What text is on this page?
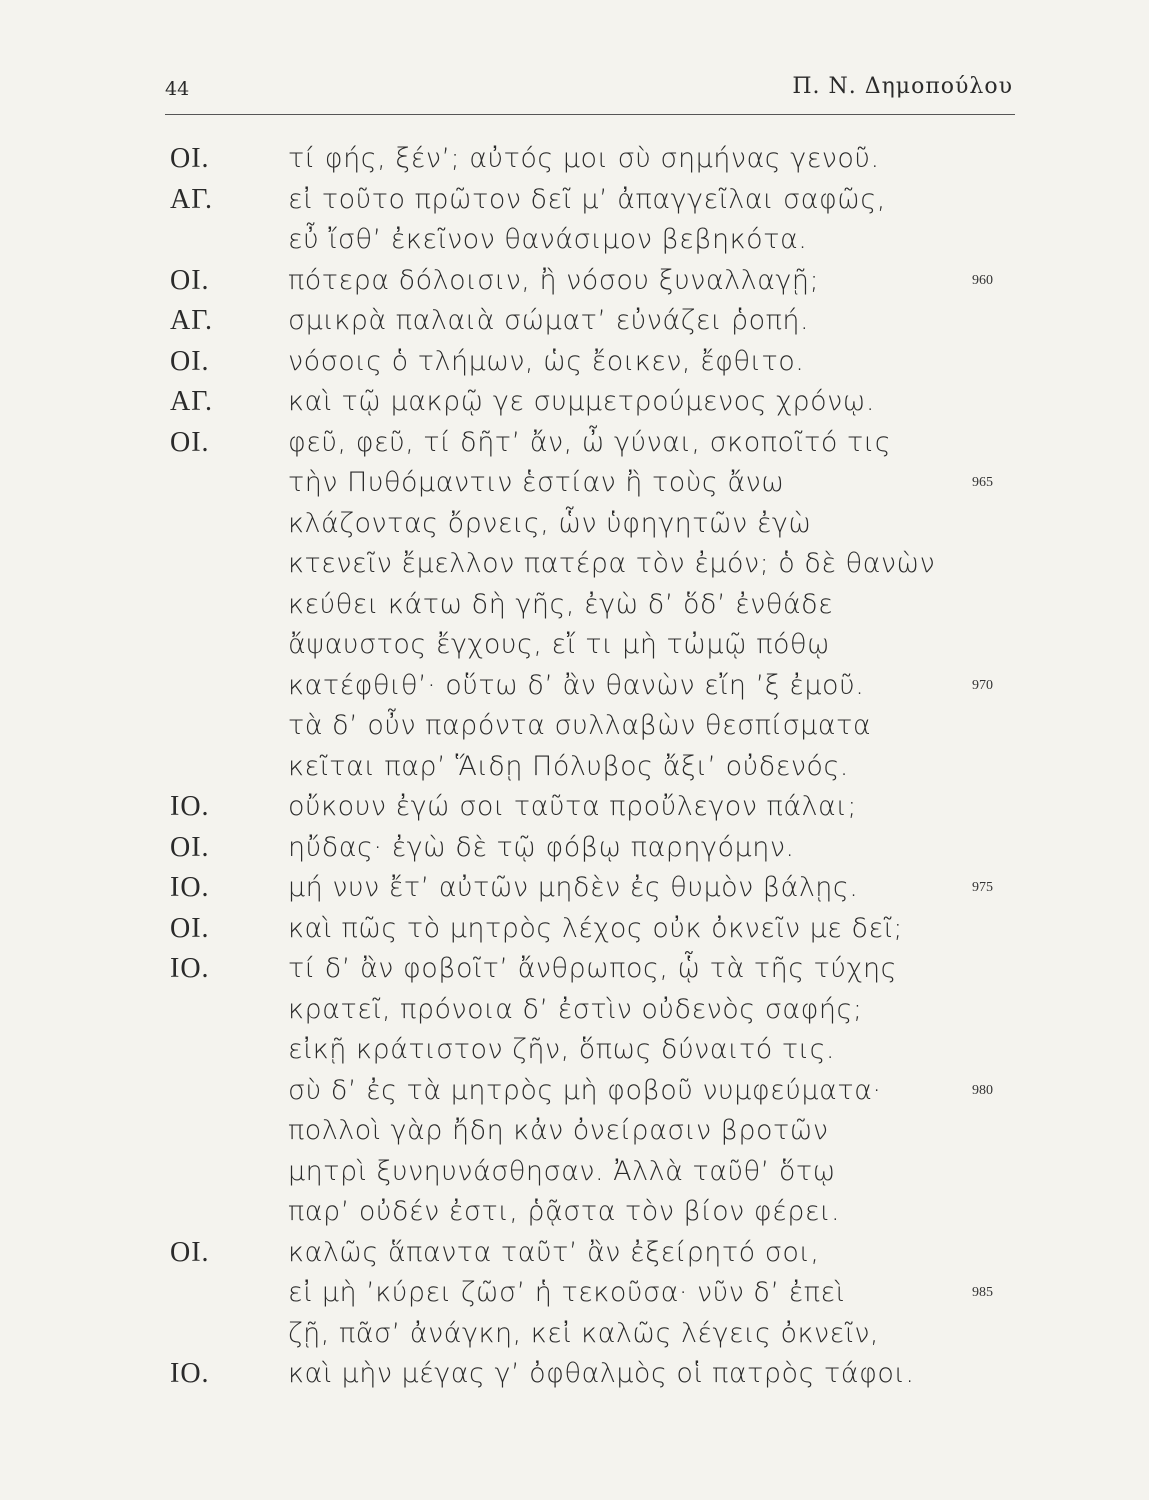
44	Π. Ν. Δημοπούλου
ΟΙ.	τί φής, ξέν’; αὐτός μοι σὺ σημήνας γενοῦ.
ΑΓ.	εἰ τοῦτο πρῶτον δεῖ μ’ ἀπαγγεῖλαι σαφῶς,
εὖ ἴσθ’ ἐκεῖνον θανάσιμον βεβηκότα.
ΟΙ.	πότερα δόλοισιν, ἢ νόσου ξυναλλαγῇ;	960
ΑΓ.	σμικρὰ παλαιὰ σώματ’ εὐνάζει ῥοπή.
ΟΙ.	νόσοις ὁ τλήμων, ὡς ἔοικεν, ἔφθιτο.
ΑΓ.	καὶ τῷ μακρῷ γε συμμετρούμενος χρόνῳ.
ΟΙ.	φεῦ, φεῦ, τί δῆτ’ ἄν, ὦ γύναι, σκοποῖτό τις
τὴν Πυθόμαντιν ἑστίαν ἢ τοὺς ἄνω	965
κλάζοντας ὄρνεις, ὧν ὑφηγητῶν ἐγὼ
κτενεῖν ἔμελλον πατέρα τὸν ἐμόν; ὁ δὲ θανὼν
κεύθει κάτω δὴ γῆς, ἐγὼ δ’ ὅδ’ ἐνθάδε
ἄψαυστος ἔγχους, εἴ τι μὴ τὠμῷ πόθῳ
κατέφθιθ’· οὕτω δ’ ἂν θανὼν εἴη ’ξ ἐμοῦ.	970
τὰ δ’ οὖν παρόντα συλλαβὼν θεσπίσματα
κεῖται παρ’ Ἅιδῃ Πόλυβος ἄξι’ οὐδενός.
ΙΟ.	οὔκουν ἐγώ σοι ταῦτα προὔλεγον πάλαι;
ΟΙ.	ηὔδας· ἐγὼ δὲ τῷ φόβῳ παρηγόμην.
ΙΟ.	μή νυν ἔτ’ αὐτῶν μηδὲν ἐς θυμὸν βάλῃς.	975
ΟΙ.	καὶ πῶς τὸ μητρὸς λέχος οὐκ ὀκνεῖν με δεῖ;
ΙΟ.	τί δ’ ἂν φοβοῖτ’ ἄνθρωπος, ᾧ τὰ τῆς τύχης
κρατεῖ, πρόνοια δ’ ἐστὶν οὐδενὸς σαφής;
εἰκῇ κράτιστον ζῆν, ὅπως δύναιτό τις.
σὺ δ’ ἐς τὰ μητρὸς μὴ φοβοῦ νυμφεύματα·	980
πολλοὶ γὰρ ἤδη κἀν ὀνείρασιν βροτῶν
μητρὶ ξυνηυνάσθησαν. Ἀλλὰ ταῦθ’ ὅτῳ
παρ’ οὐδέν ἐστι, ῥᾷστα τὸν βίον φέρει.
ΟΙ.	καλῶς ἅπαντα ταῦτ’ ἂν ἐξείρητό σοι,
εἰ μὴ ’κύρει ζῶσ’ ἡ τεκοῦσα· νῦν δ’ ἐπεὶ	985
ζῇ, πᾶσ’ ἀνάγκη, κεἰ καλῶς λέγεις ὀκνεῖν,
ΙΟ.	καὶ μὴν μέγας γ’ ὀφθαλμὸς οἱ πατρὸς τάφοι.
